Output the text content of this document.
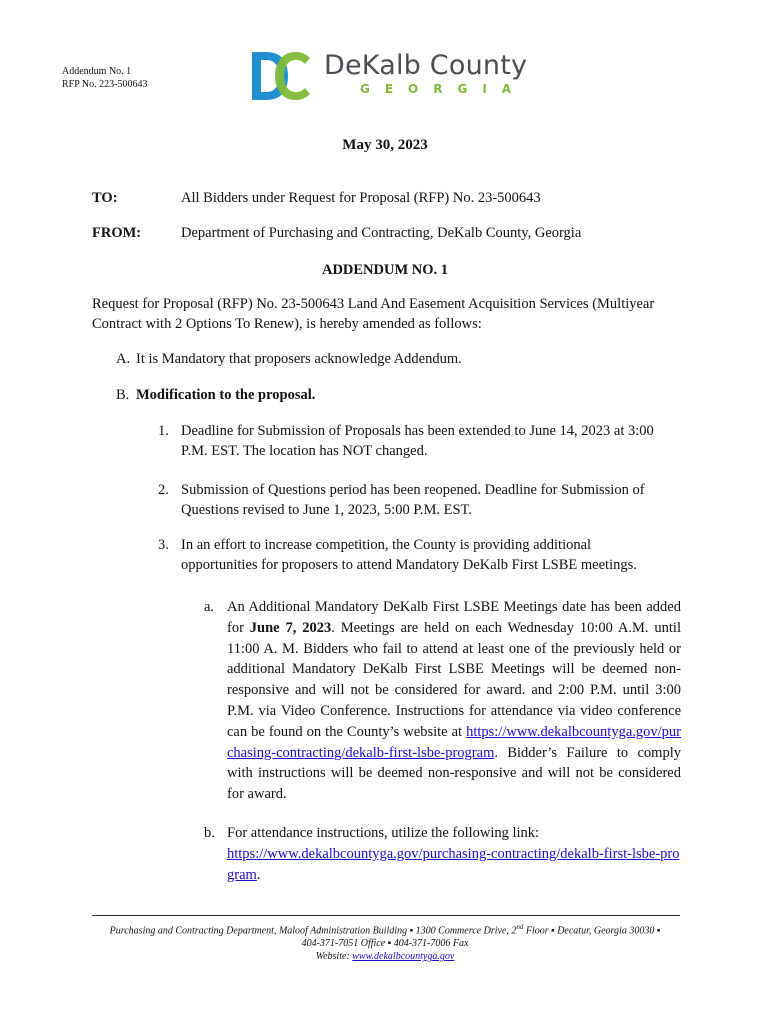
Addendum No. 1
RFP No. 223-500643
DeKalb County
GEORGIA
May 30, 2023
TO:	All Bidders under Request for Proposal (RFP) No. 23-500643
FROM:	Department of Purchasing and Contracting, DeKalb County, Georgia
ADDENDUM NO. 1
Request for Proposal (RFP) No. 23-500643 Land And Easement Acquisition Services (Multiyear Contract with 2 Options To Renew), is hereby amended as follows:
A. It is Mandatory that proposers acknowledge Addendum.
B. Modification to the proposal.
1. Deadline for Submission of Proposals has been extended to June 14, 2023 at 3:00 P.M. EST. The location has NOT changed.
2. Submission of Questions period has been reopened. Deadline for Submission of Questions revised to June 1, 2023, 5:00 P.M. EST.
3. In an effort to increase competition, the County is providing additional opportunities for proposers to attend Mandatory DeKalb First LSBE meetings.
a. An Additional Mandatory DeKalb First LSBE Meetings date has been added for June 7, 2023. Meetings are held on each Wednesday 10:00 A.M. until 11:00 A. M. Bidders who fail to attend at least one of the previously held or additional Mandatory DeKalb First LSBE Meetings will be deemed non-responsive and will not be considered for award. and 2:00 P.M. until 3:00 P.M. via Video Conference. Instructions for attendance via video conference can be found on the County’s website at https://www.dekalbcountyga.gov/purchasing-contracting/dekalb-first-lsbe-program. Bidder’s Failure to comply with instructions will be deemed non-responsive and will not be considered for award.
b. For attendance instructions, utilize the following link:
https://www.dekalbcountyga.gov/purchasing-contracting/dekalb-first-lsbe-program.
Purchasing and Contracting Department, Maloof Administration Building ▪ 1300 Commerce Drive, 2nd Floor ▪ Decatur, Georgia 30030 ▪
404-371-7051 Office ▪ 404-371-7006 Fax
Website: www.dekalbcountyga.gov
